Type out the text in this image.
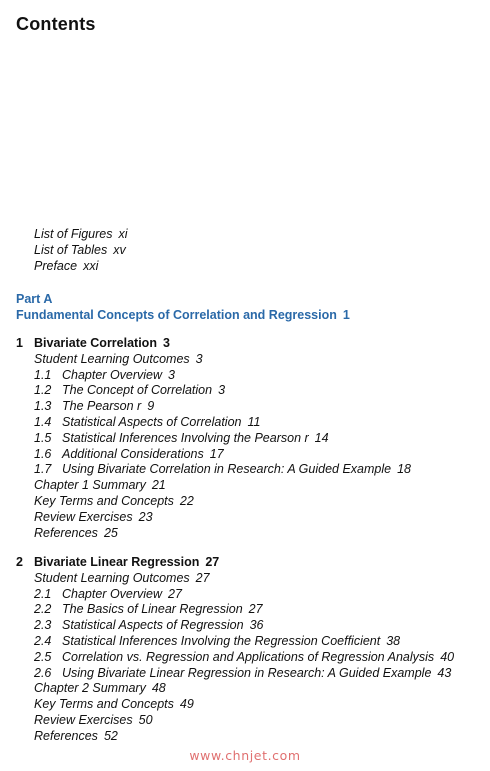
Contents
List of Figures xi
List of Tables xv
Preface xxi
Part A
Fundamental Concepts of Correlation and Regression 1
1 Bivariate Correlation 3
Student Learning Outcomes 3
1.1 Chapter Overview 3
1.2 The Concept of Correlation 3
1.3 The Pearson r 9
1.4 Statistical Aspects of Correlation 11
1.5 Statistical Inferences Involving the Pearson r 14
1.6 Additional Considerations 17
1.7 Using Bivariate Correlation in Research: A Guided Example 18
Chapter 1 Summary 21
Key Terms and Concepts 22
Review Exercises 23
References 25
2 Bivariate Linear Regression 27
Student Learning Outcomes 27
2.1 Chapter Overview 27
2.2 The Basics of Linear Regression 27
2.3 Statistical Aspects of Regression 36
2.4 Statistical Inferences Involving the Regression Coefficient 38
2.5 Correlation vs. Regression and Applications of Regression Analysis 40
2.6 Using Bivariate Linear Regression in Research: A Guided Example 43
Chapter 2 Summary 48
Key Terms and Concepts 49
Review Exercises 50
References 52
www.chnjet.com
